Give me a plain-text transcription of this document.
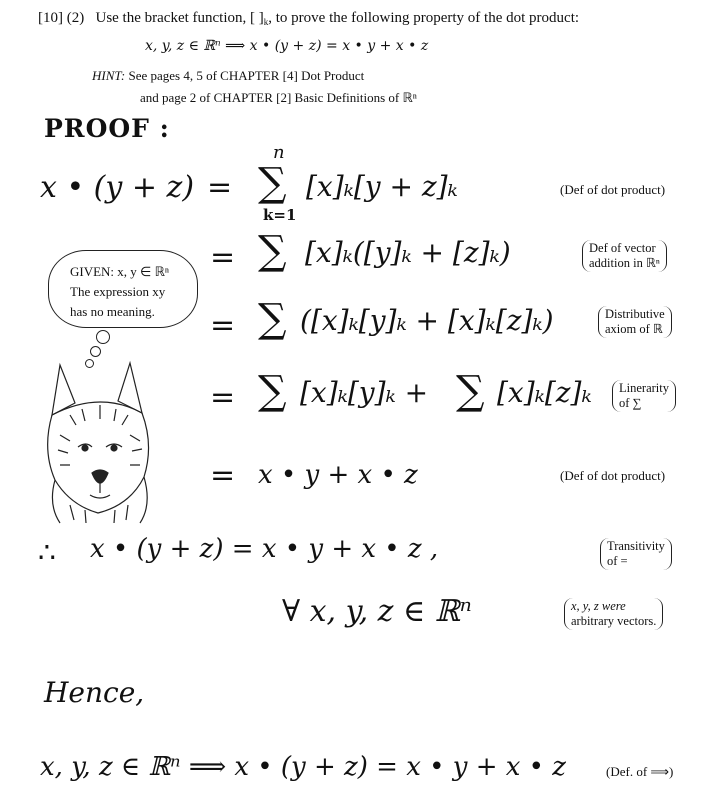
[10] (2) Use the bracket function, [ ]$_k$, to prove the following property of the dot product:
x, y, z ∈ ℝⁿ ⟹ x • (y + z) = x • y + x • z
HINT: See pages 4, 5 of CHAPTER [4] Dot Product
and page 2 of CHAPTER [2] Basic Definitions of ℝⁿ
PROOF :
x • (y + z) =
n
∑
k=1
[x]ₖ[y + z]ₖ	(Def of dot product)
= ∑ [x]ₖ([y]ₖ + [z]ₖ)	Def of vector
addition in ℝⁿ
GIVEN: x, y ∈ ℝⁿ
The expression xy
has no meaning.	= ∑ ([x]ₖ[y]ₖ + [x]ₖ[z]ₖ)	Distributive
axiom of ℝ
= ∑ [x]ₖ[y]ₖ + ∑ [x]ₖ[z]ₖ	Linerarity
of ∑
= x • y + x • z	(Def of dot product)
∴ x • (y + z) = x • y + x • z ,	Transitivity
of =
∀ x, y, z ∈ ℝⁿ	x, y, z were
arbitrary vectors.
Hence,
x, y, z ∈ ℝⁿ ⟹ x • (y + z) = x • y + x • z	(Def. of ⟹)
